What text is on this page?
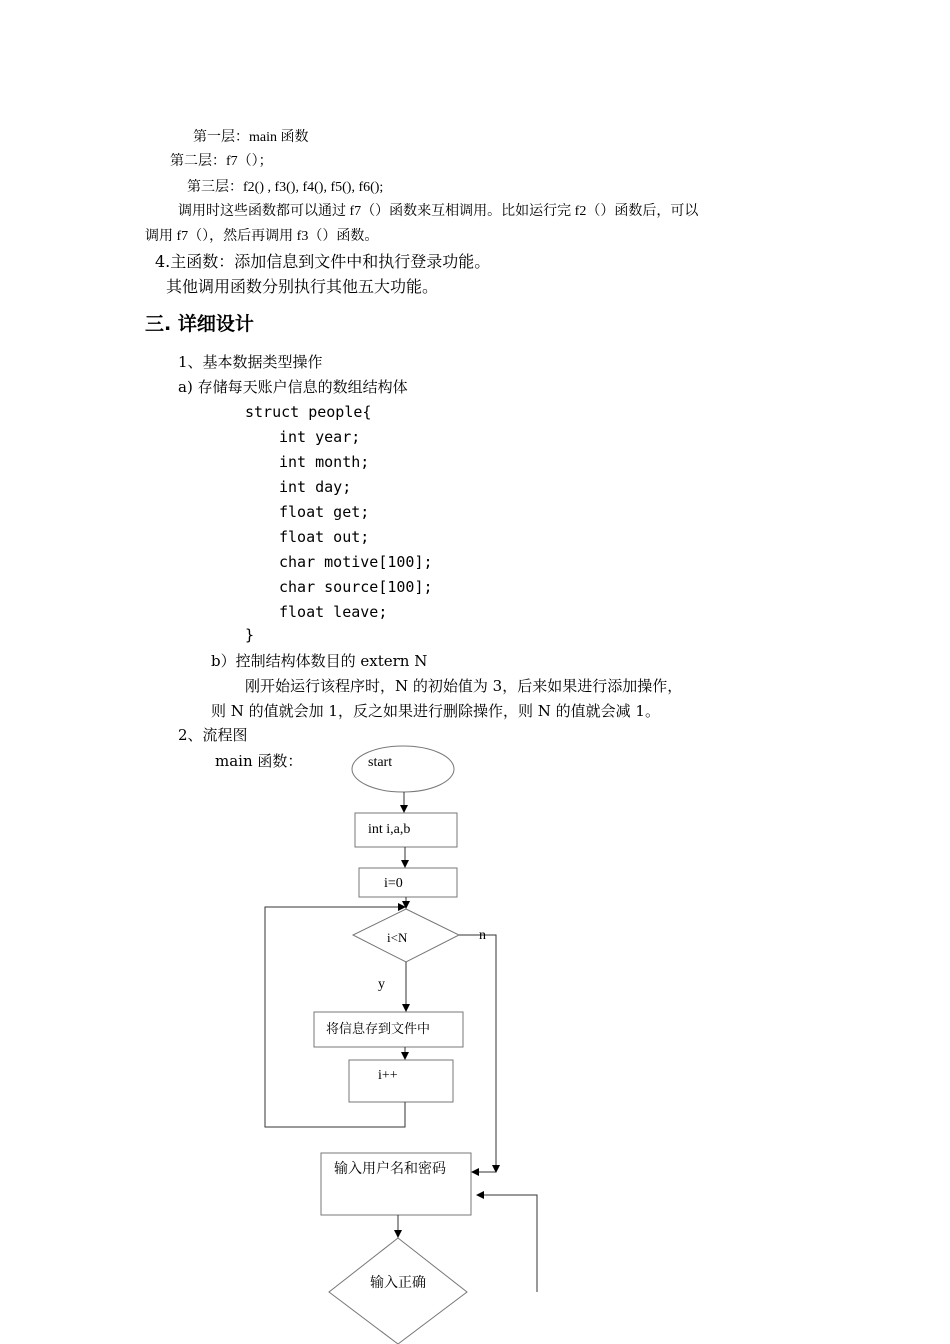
第一层：main 函数
第二层：f7（）；
第三层：f2() , f3(), f4(), f5(), f6();
调用时这些函数都可以通过 f7（）函数来互相调用。比如运行完 f2（）函数后，可以
调用 f7（），然后再调用 f3（）函数。
4.主函数：添加信息到文件中和执行登录功能。
其他调用函数分别执行其他五大功能。
三. 详细设计
1、基本数据类型操作
a) 存储每天账户信息的数组结构体
struct people{
int year;
int month;
int day;
float get;
float out;
char motive[100];
char source[100];
float leave;
}
b）控制结构体数目的 extern N
刚开始运行该程序时，N 的初始值为 3，后来如果进行添加操作，
则 N 的值就会加 1，反之如果进行删除操作，则 N 的值就会减 1。
2、流程图
main 函数：	start
int i,a,b
i=0
i<N	n
y
将信息存到文件中
i++
输入用户名和密码
输入正确
